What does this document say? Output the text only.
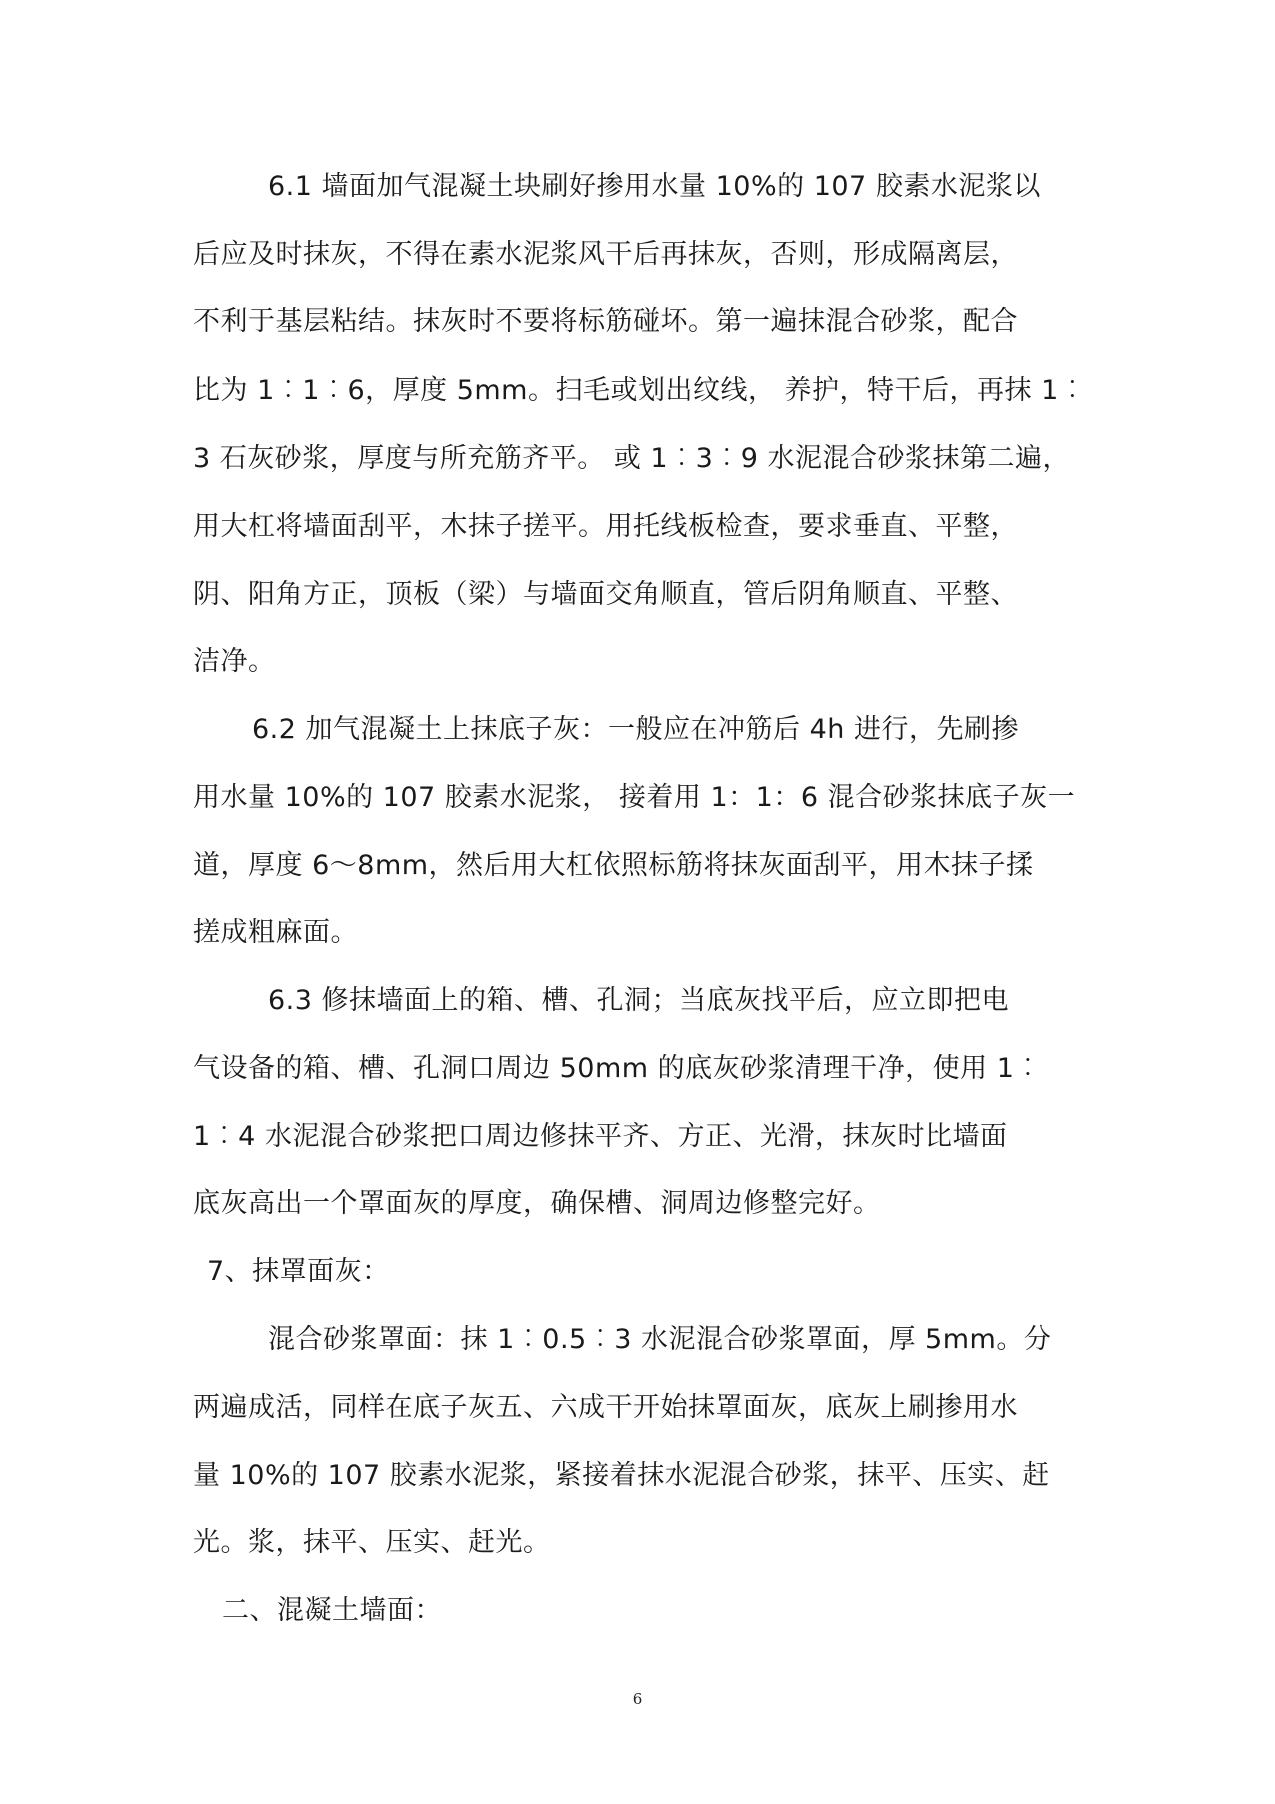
6.1 墙面加气混凝土块刷好掺用水量 10%的 107 胶素水泥浆以
后应及时抹灰，不得在素水泥浆风干后再抹灰，否则，形成隔离层，
不利于基层粘结。抹灰时不要将标筋碰坏。第一遍抹混合砂浆，配合
比为 1︰1︰6，厚度 5mm。扫毛或划出纹线， 养护，特干后，再抹 1︰
3 石灰砂浆，厚度与所充筋齐平。 或 1︰3︰9 水泥混合砂浆抹第二遍，
用大杠将墙面刮平，木抹子搓平。用托线板检查，要求垂直、平整，
阴、阳角方正，顶板（梁）与墙面交角顺直，管后阴角顺直、平整、
洁净。
6.2 加气混凝土上抹底子灰：一般应在冲筋后 4h 进行，先刷掺
用水量 10%的 107 胶素水泥浆， 接着用 1：1：6 混合砂浆抹底子灰一
道，厚度 6～8mm，然后用大杠依照标筋将抹灰面刮平，用木抹子揉
搓成粗麻面。
6.3 修抹墙面上的箱、槽、孔洞；当底灰找平后，应立即把电
气设备的箱、槽、孔洞口周边 50mm 的底灰砂浆清理干净，使用 1︰
1︰4 水泥混合砂浆把口周边修抹平齐、方正、光滑，抹灰时比墙面
底灰高出一个罩面灰的厚度，确保槽、洞周边修整完好。
7、抹罩面灰：
混合砂浆罩面：抹 1︰0.5︰3 水泥混合砂浆罩面，厚 5mm。分
两遍成活，同样在底子灰五、六成干开始抹罩面灰，底灰上刷掺用水
量 10%的 107 胶素水泥浆，紧接着抹水泥混合砂浆，抹平、压实、赶
光。浆，抹平、压实、赶光。
二、混凝土墙面：
6
